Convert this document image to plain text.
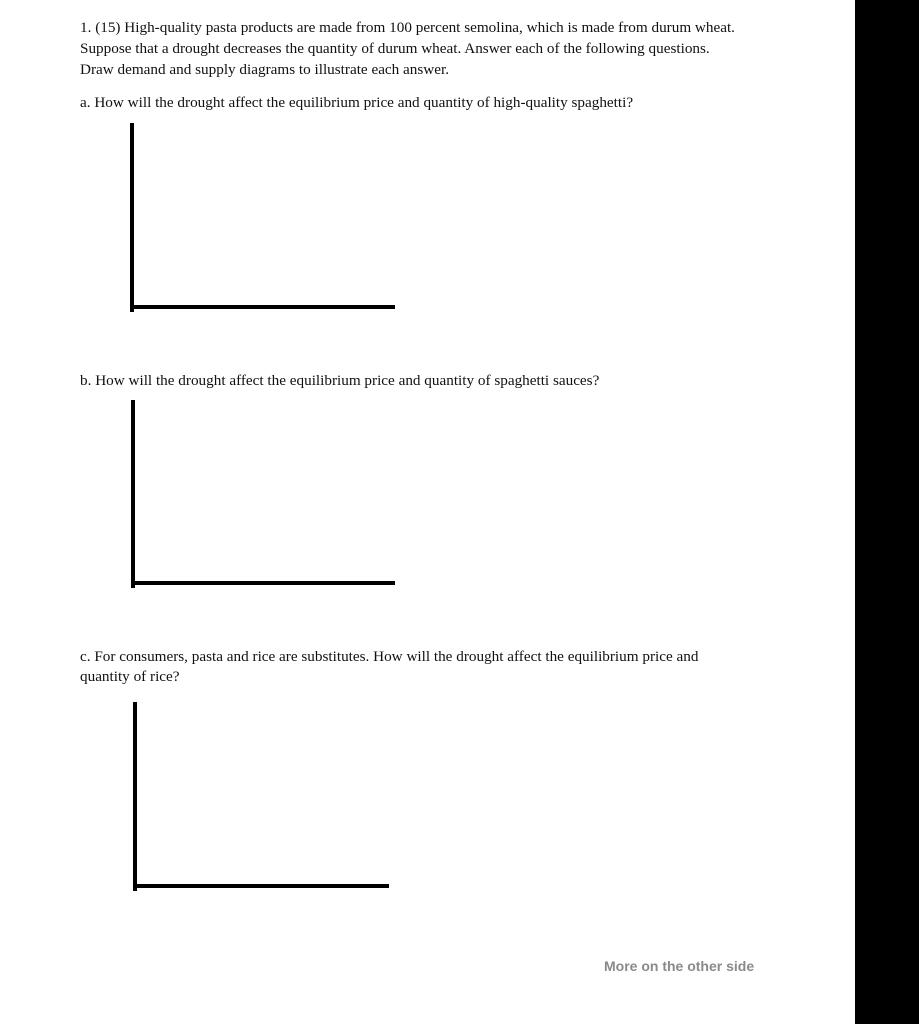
1. (15) High-quality pasta products are made from 100 percent semolina, which is made from durum wheat. Suppose that a drought decreases the quantity of durum wheat. Answer each of the following questions. Draw demand and supply diagrams to illustrate each answer.

a. How will the drought affect the equilibrium price and quantity of high-quality spaghetti?

b. How will the drought affect the equilibrium price and quantity of spaghetti sauces?

c. For consumers, pasta and rice are substitutes. How will the drought affect the equilibrium price and quantity of rice?

More on the other side
